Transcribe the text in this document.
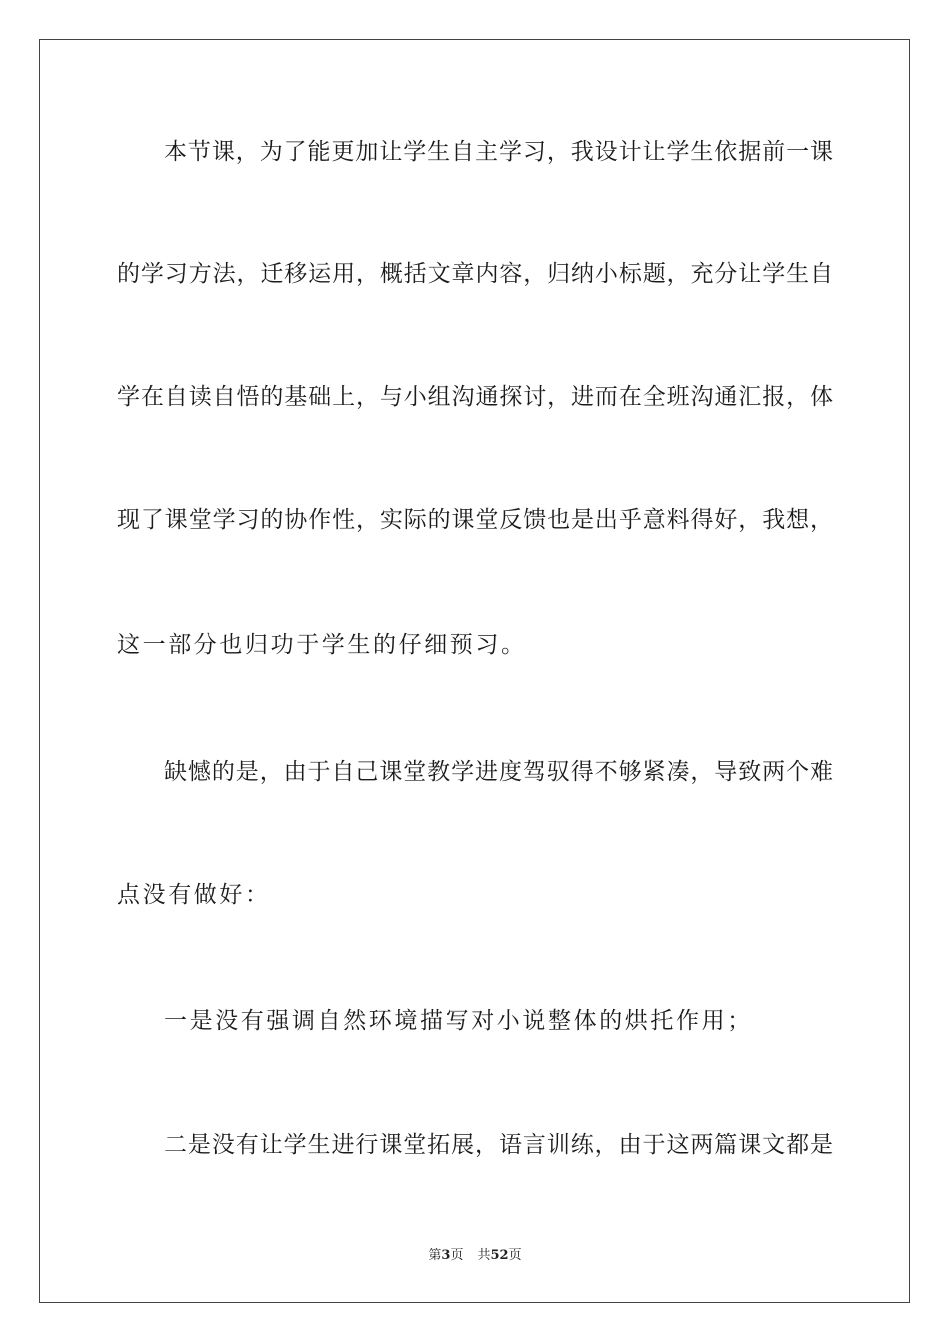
本节课，为了能更加让学生自主学习，我设计让学生依据前一课
的学习方法，迁移运用，概括文章内容，归纳小标题，充分让学生自
学在自读自悟的基础上，与小组沟通探讨，进而在全班沟通汇报，体
现了课堂学习的协作性，实际的课堂反馈也是出乎意料得好，我想，
这一部分也归功于学生的仔细预习。
缺憾的是，由于自己课堂教学进度驾驭得不够紧凑，导致两个难
点没有做好：
一是没有强调自然环境描写对小说整体的烘托作用；
二是没有让学生进行课堂拓展，语言训练，由于这两篇课文都是
第3页 共52页
